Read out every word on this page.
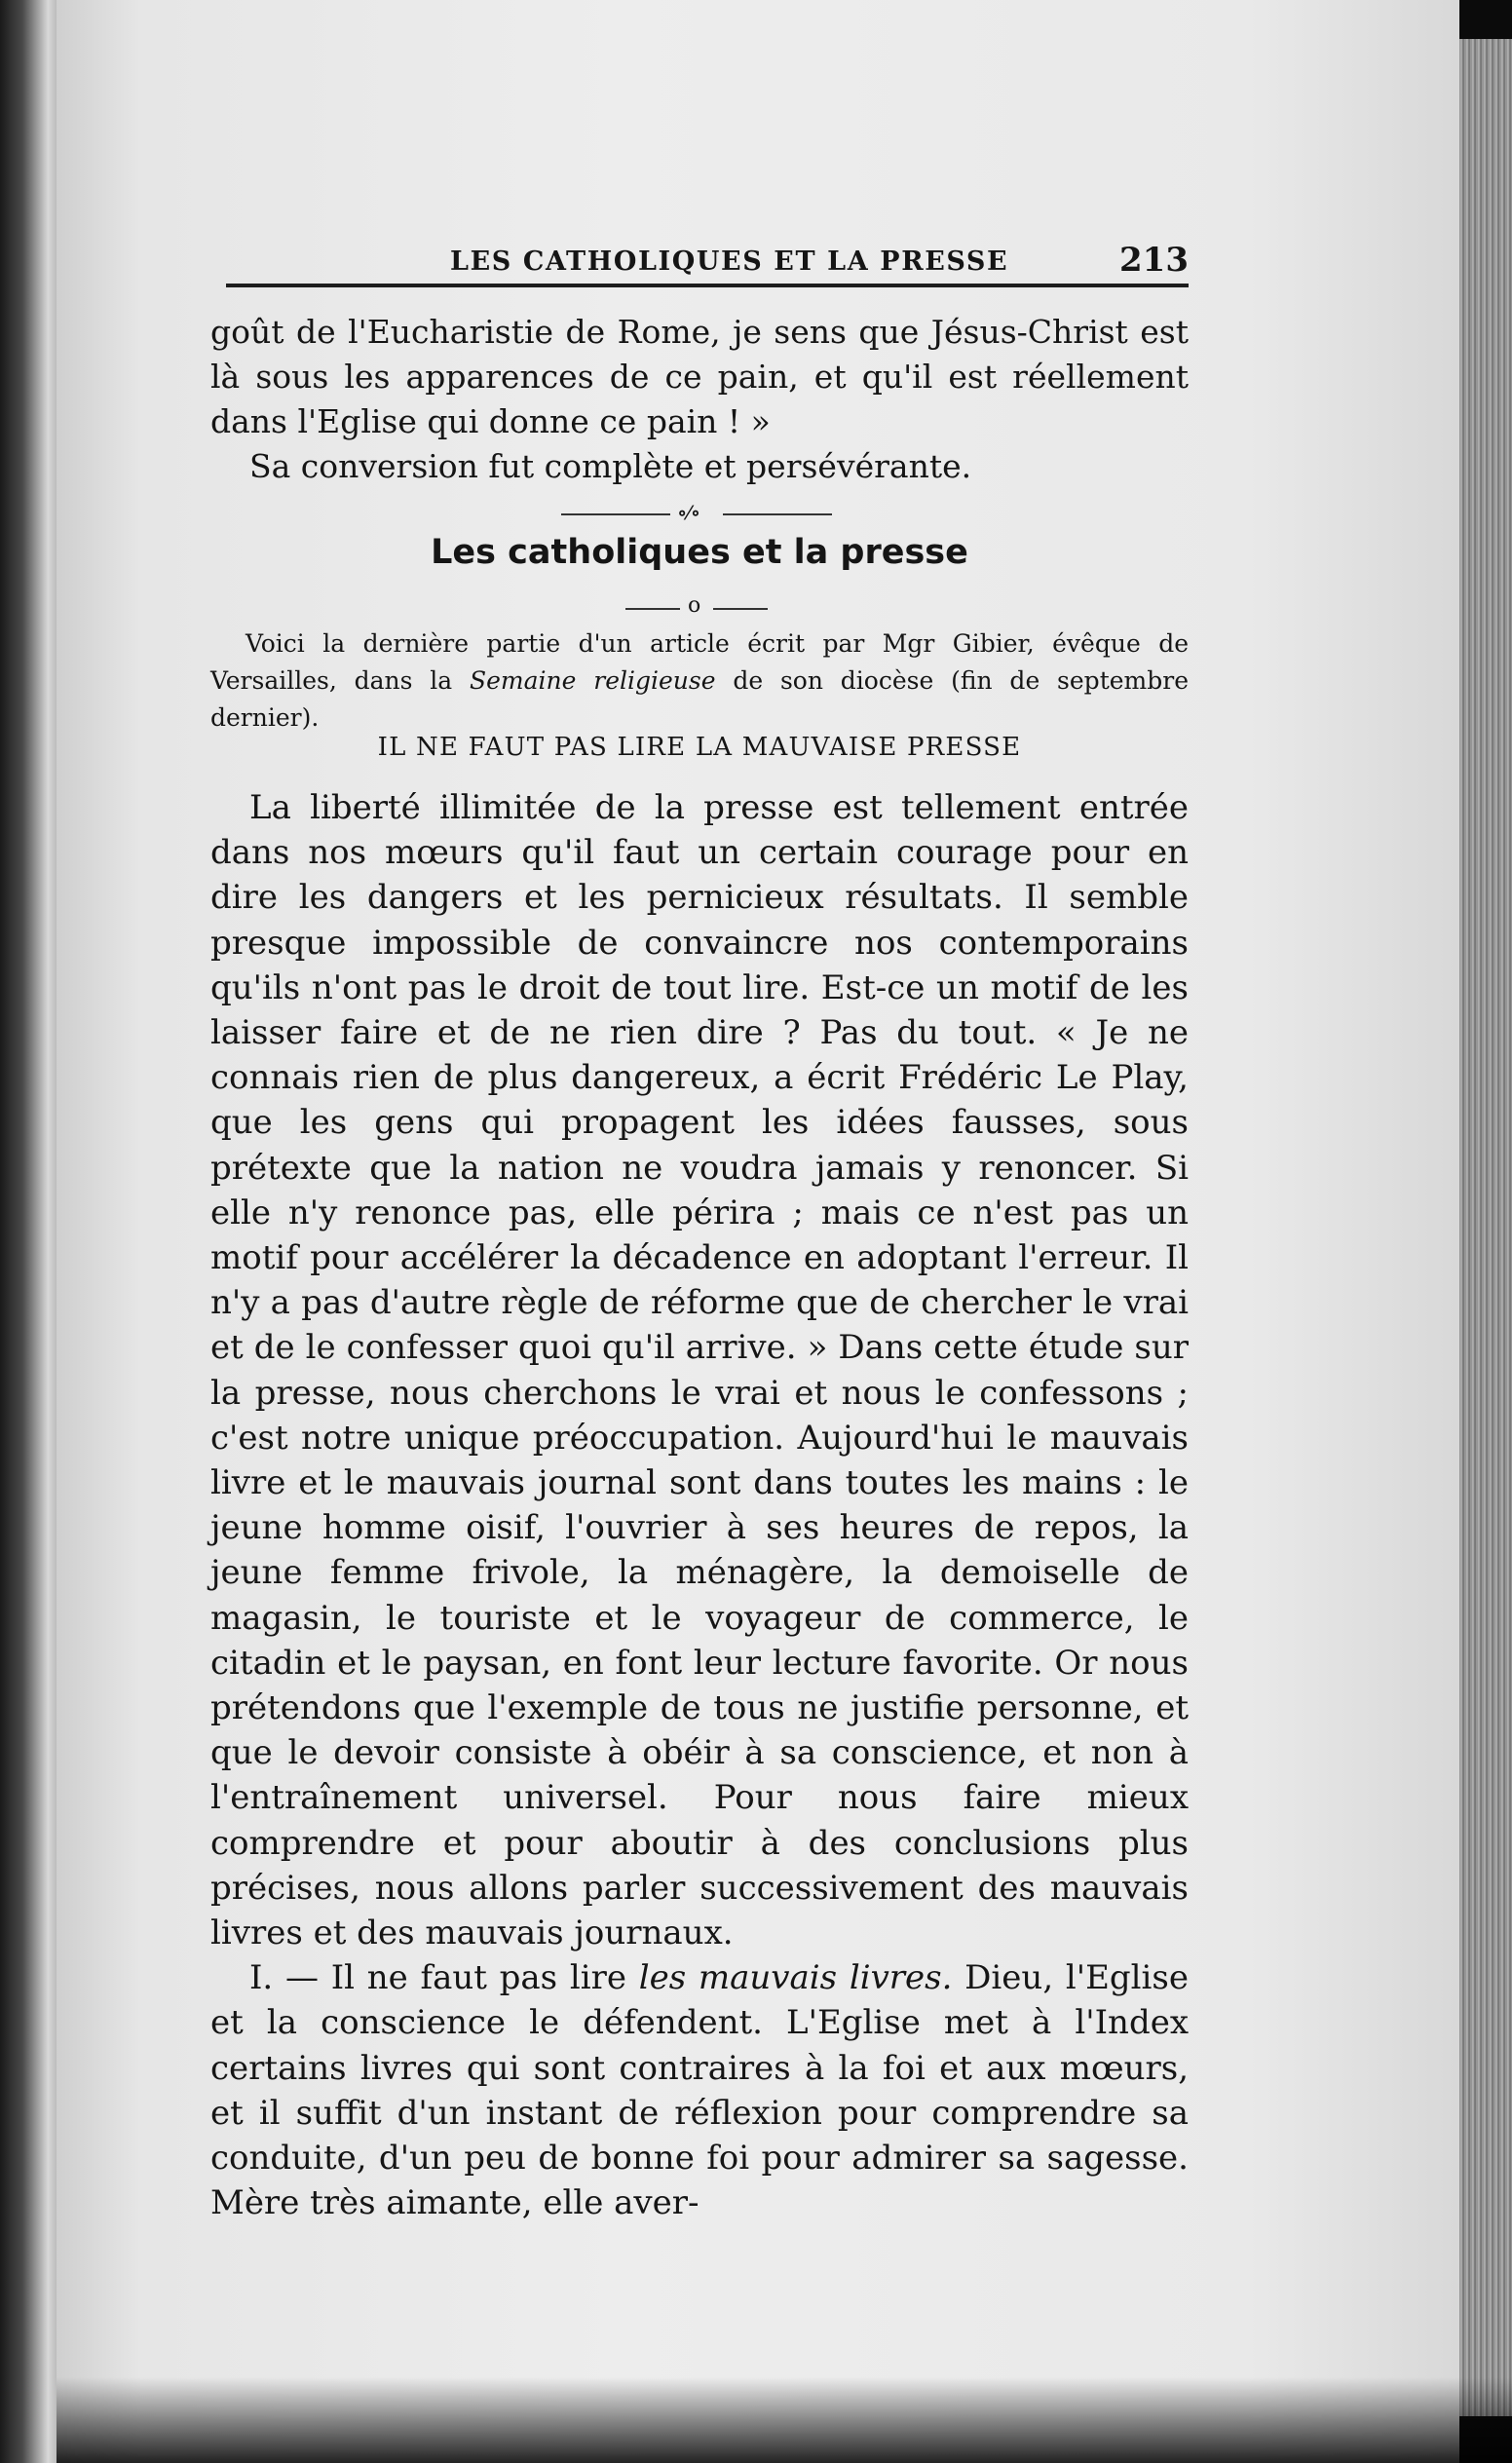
LES CATHOLIQUES ET LA PRESSE	213
goût de l'Eucharistie de Rome, je sens que Jésus-Christ est là sous les apparences de ce pain, et qu'il est réellement dans l'Eglise qui donne ce pain ! »
Sa conversion fut complète et persévérante.
∘⁄∘
Les catholiques et la presse
o
Voici la dernière partie d'un article écrit par Mgr Gibier, évêque de Versailles, dans la Semaine religieuse de son diocèse (fin de septembre dernier).
IL NE FAUT PAS LIRE LA MAUVAISE PRESSE

La liberté illimitée de la presse est tellement entrée dans nos mœurs qu'il faut un certain courage pour en dire les dangers et les pernicieux résultats. Il semble presque impossible de convaincre nos contemporains qu'ils n'ont pas le droit de tout lire. Est-ce un motif de les laisser faire et de ne rien dire ? Pas du tout. « Je ne connais rien de plus dangereux, a écrit Frédéric Le Play, que les gens qui propagent les idées fausses, sous prétexte que la nation ne voudra jamais y renoncer. Si elle n'y renonce pas, elle périra ; mais ce n'est pas un motif pour accélérer la décadence en adoptant l'erreur. Il n'y a pas d'autre règle de réforme que de chercher le vrai et de le confesser quoi qu'il arrive. » Dans cette étude sur la presse, nous cherchons le vrai et nous le confessons ; c'est notre unique préoccupation. Aujourd'hui le mauvais livre et le mauvais journal sont dans toutes les mains : le jeune homme oisif, l'ouvrier à ses heures de repos, la jeune femme frivole, la ménagère, la demoiselle de magasin, le touriste et le voyageur de commerce, le citadin et le paysan, en font leur lecture favorite. Or nous prétendons que l'exemple de tous ne justifie personne, et que le devoir consiste à obéir à sa conscience, et non à l'entraînement universel. Pour nous faire mieux comprendre et pour aboutir à des conclusions plus précises, nous allons parler successivement des mauvais livres et des mauvais journaux.

I. — Il ne faut pas lire les mauvais livres. Dieu, l'Eglise et la conscience le défendent. L'Eglise met à l'Index certains livres qui sont contraires à la foi et aux mœurs, et il suffit d'un instant de réflexion pour comprendre sa conduite, d'un peu de bonne foi pour admirer sa sagesse. Mère très aimante, elle aver-
